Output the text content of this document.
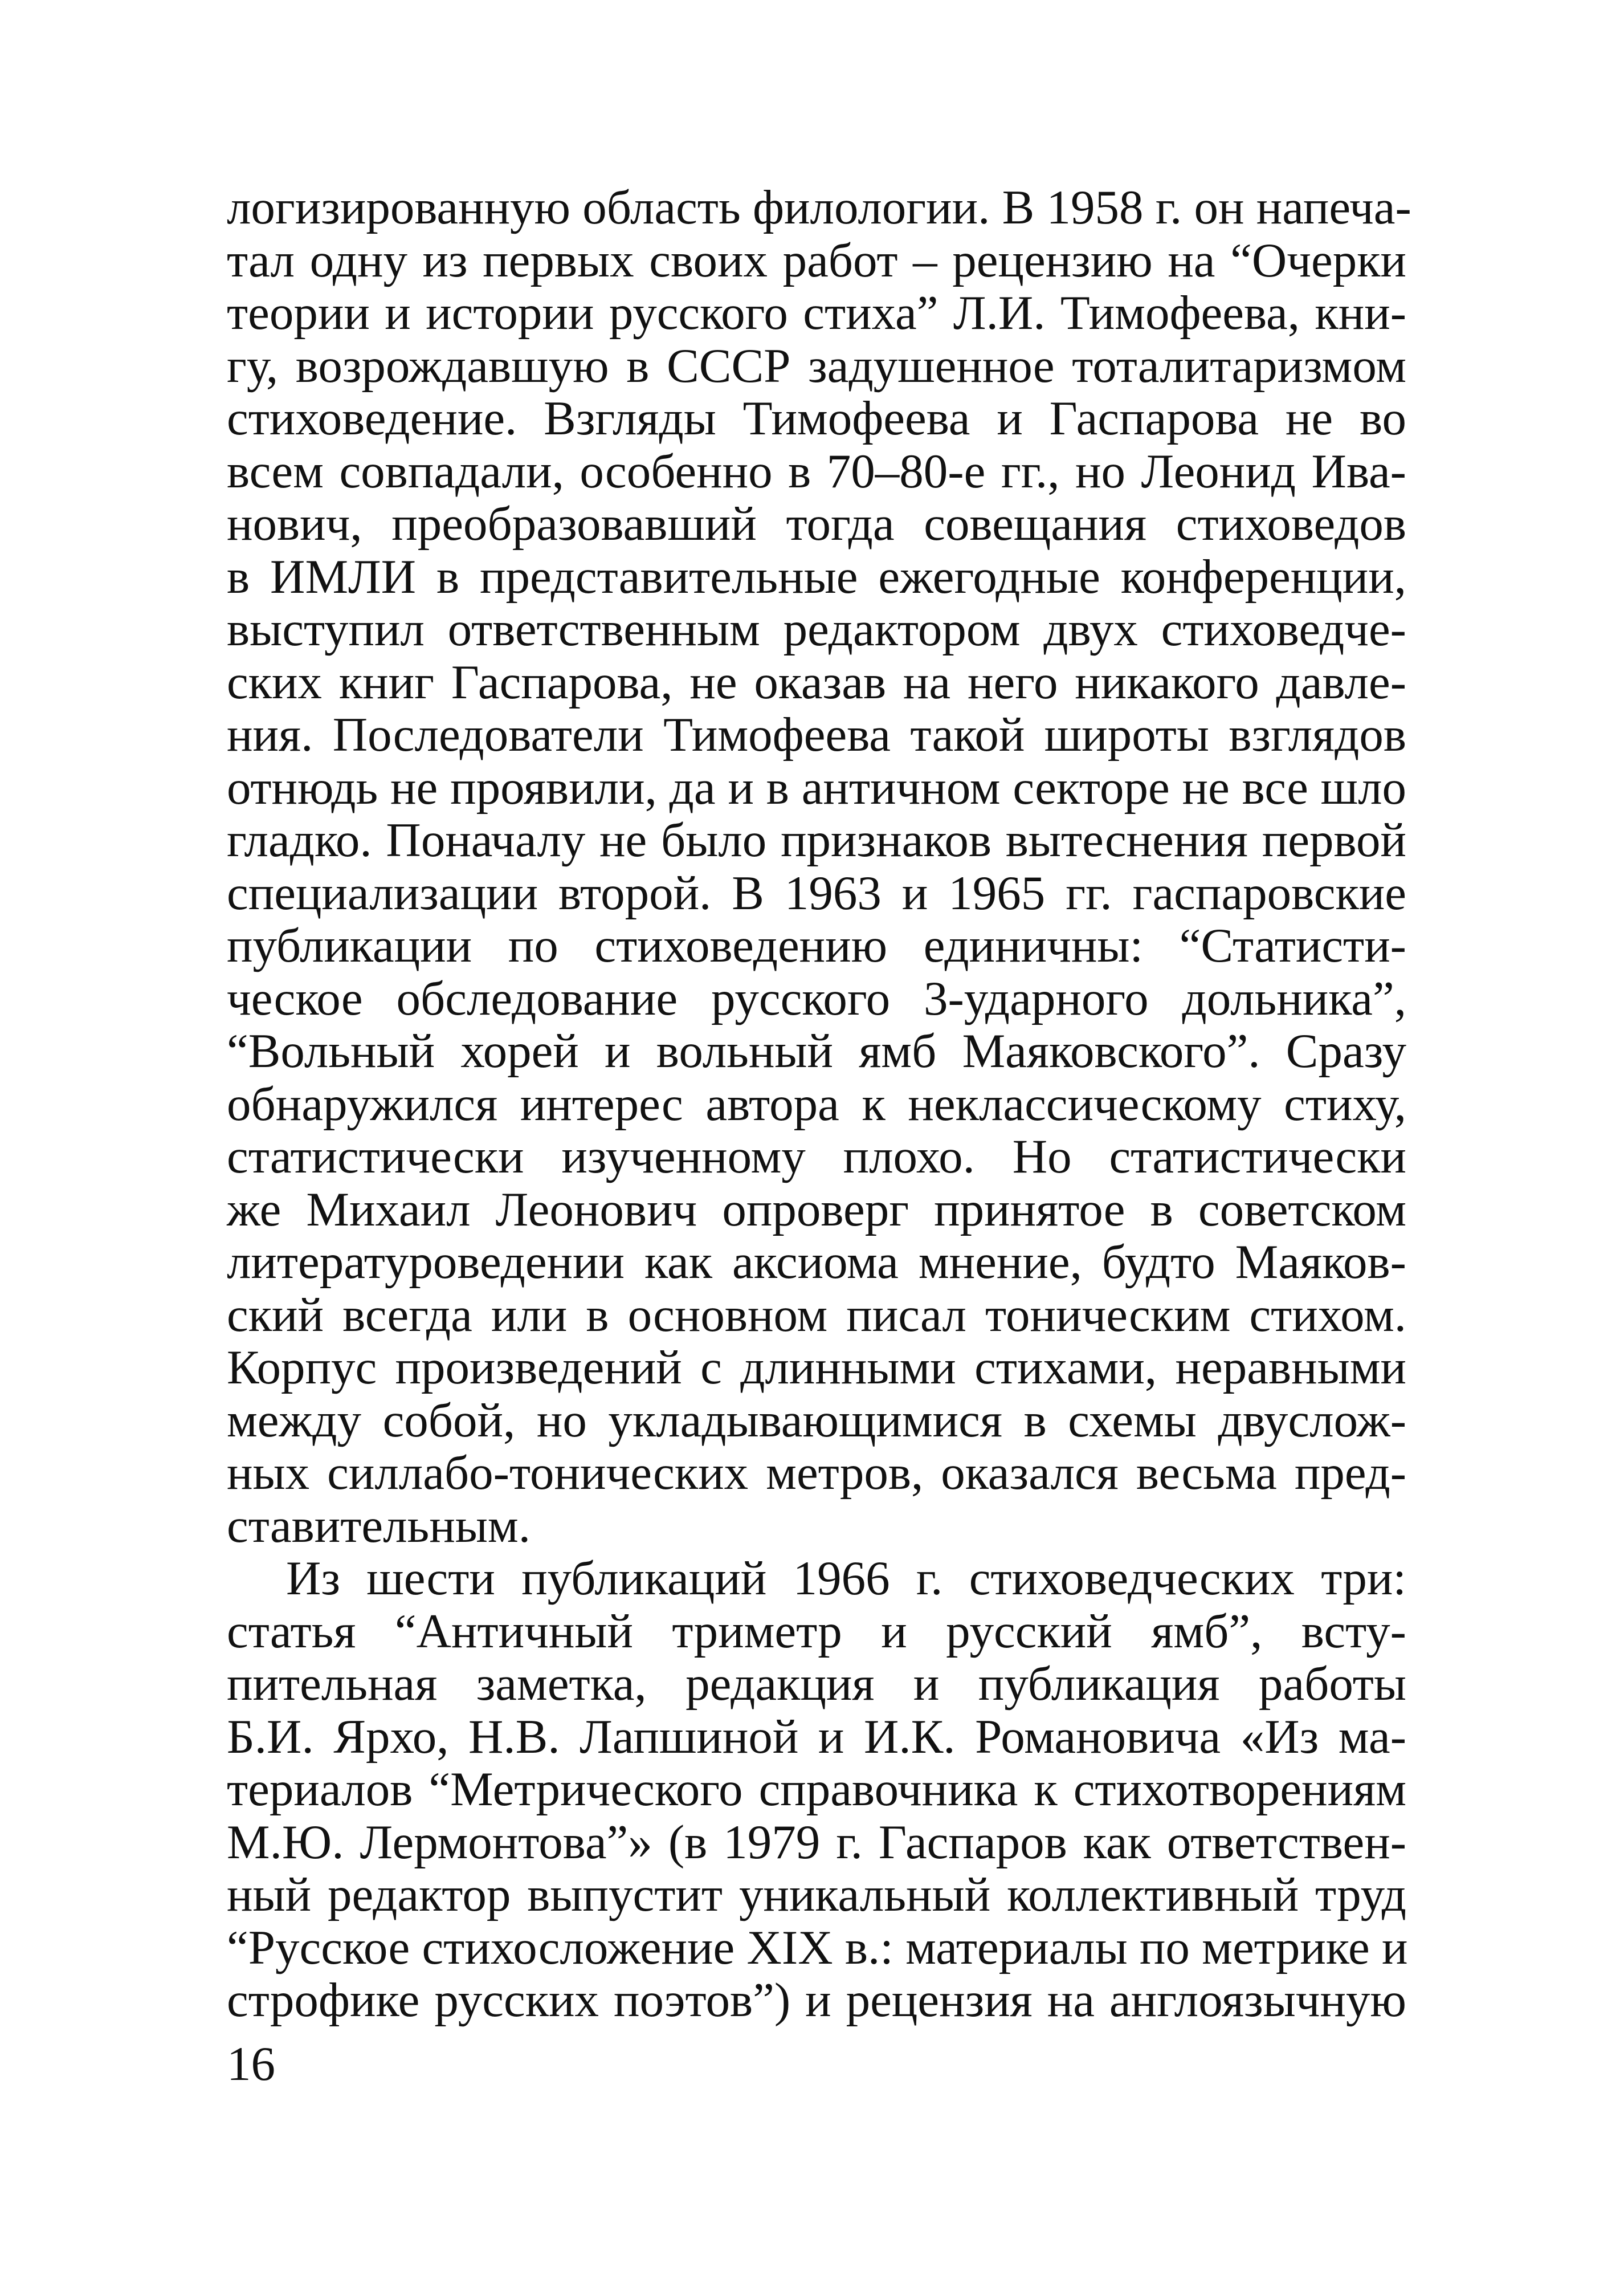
логизированную область филологии. В 1958 г. он напеча-
тал одну из первых своих работ – рецензию на “Очерки
теории и истории русского стиха” Л.И. Тимофеева, кни-
гу, возрождавшую в СССР задушенное тоталитаризмом
стиховедение. Взгляды Тимофеева и Гаспарова не во
всем совпадали, особенно в 70–80-е гг., но Леонид Ива-
нович, преобразовавший тогда совещания стиховедов
в ИМЛИ в представительные ежегодные конференции,
выступил ответственным редактором двух стиховедче-
ских книг Гаспарова, не оказав на него никакого давле-
ния. Последователи Тимофеева такой широты взглядов
отнюдь не проявили, да и в античном секторе не все шло
гладко. Поначалу не было признаков вытеснения первой
специализации второй. В 1963 и 1965 гг. гаспаровские
публикации по стиховедению единичны: “Статисти-
ческое обследование русского 3-ударного дольника”,
“Вольный хорей и вольный ямб Маяковского”. Сразу
обнаружился интерес автора к неклассическому стиху,
статистически изученному плохо. Но статистически
же Михаил Леонович опроверг принятое в советском
литературоведении как аксиома мнение, будто Маяков-
ский всегда или в основном писал тоническим стихом.
Корпус произведений с длинными стихами, неравными
между собой, но укладывающимися в схемы двуслож-
ных силлабо-тонических метров, оказался весьма пред-
ставительным.
Из шести публикаций 1966 г. стиховедческих три:
статья “Античный триметр и русский ямб”, всту-
пительная заметка, редакция и публикация работы
Б.И. Ярхо, Н.В. Лапшиной и И.К. Романовича «Из ма-
териалов “Метрического справочника к стихотворениям
М.Ю. Лермонтова”» (в 1979 г. Гаспаров как ответствен-
ный редактор выпустит уникальный коллективный труд
“Русское стихосложение XIX в.: материалы по метрике и
строфике русских поэтов”) и рецензия на англоязычную
16
